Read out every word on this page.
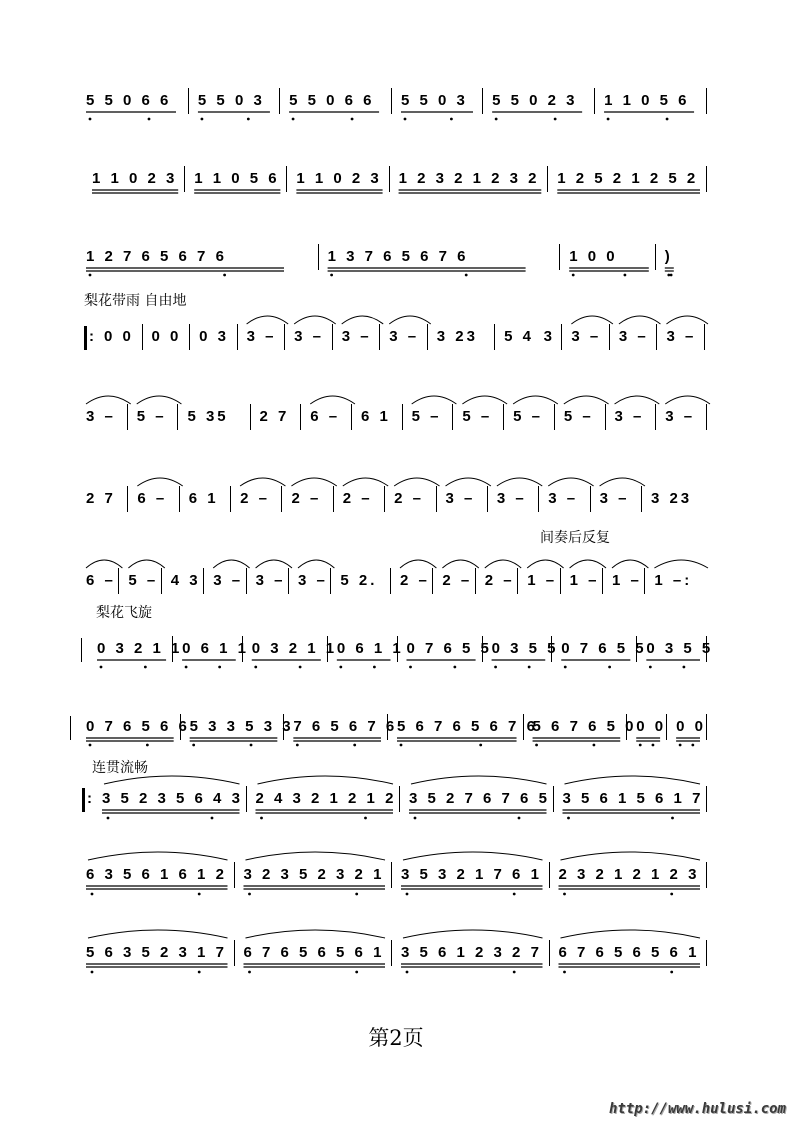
5 5 0 6 6 5 5 0 3 5 5 0 6 6 5 5 0 3 5 5 0 2 3 1 1 0 5 6
1 1 0 2 3 1 1 0 5 6 1 1 0 2 3 1 2 3 2 1 2 3 2 1 2 5 2 1 2 5 2
1 2 7 6 5 6 7 6	1 3 7 6 5 6 7 6	1 0 0	)
: 0 0 0 0 0 3 3 – 3 – 3 – 3 – 3 23 5 4 3 3 – 3 – 3 –
3 – 5 – 5 35 2 7 6 – 6 1 5 – 5 – 5 – 5 – 3 – 3 –
2 7 6 – 6 1 2 – 2 – 2 – 2 – 3 – 3 – 3 – 3 – 3 23
6 – 5 – 4 3 3 – 3 – 3 – 5 2. 2 – 2 – 2 – 1 – 1 – 1 – 1 –:
0 3 2 1 1 0 6 1 1 0 3 2 1 1 0 6 1 1 0 7 6 5 5 0 3 5 5 0 7 6 5 5 0 3 5 5
0 7 6 5 6 6 5 3 3 5 3 3 7 6 5 6 7 6 5 6 7 6 5 6 7 6
5 6 7 6 5 0 0 0 0 0
: 3 5 2 3 5 6 4 3 2 4 3 2 1 2 1 2 3 5 2 7 6 7 6 5 3 5 6 1 5 6 1 7
6 3 5 6 1 6 1 2 3 2 3 5 2 3 2 1 3 5 3 2 1 7 6 1 2 3 2 1 2 1 2 3
5 6 3 5 2 3 1 7 6 7 6 5 6 5 6 1 3 5 6 1 2 3 2 7 6 7 6 5 6 5 6 1
梨花带雨 自由地
间奏后反复
梨花飞旋
连贯流畅
第2页
http://www.hulusi.com
